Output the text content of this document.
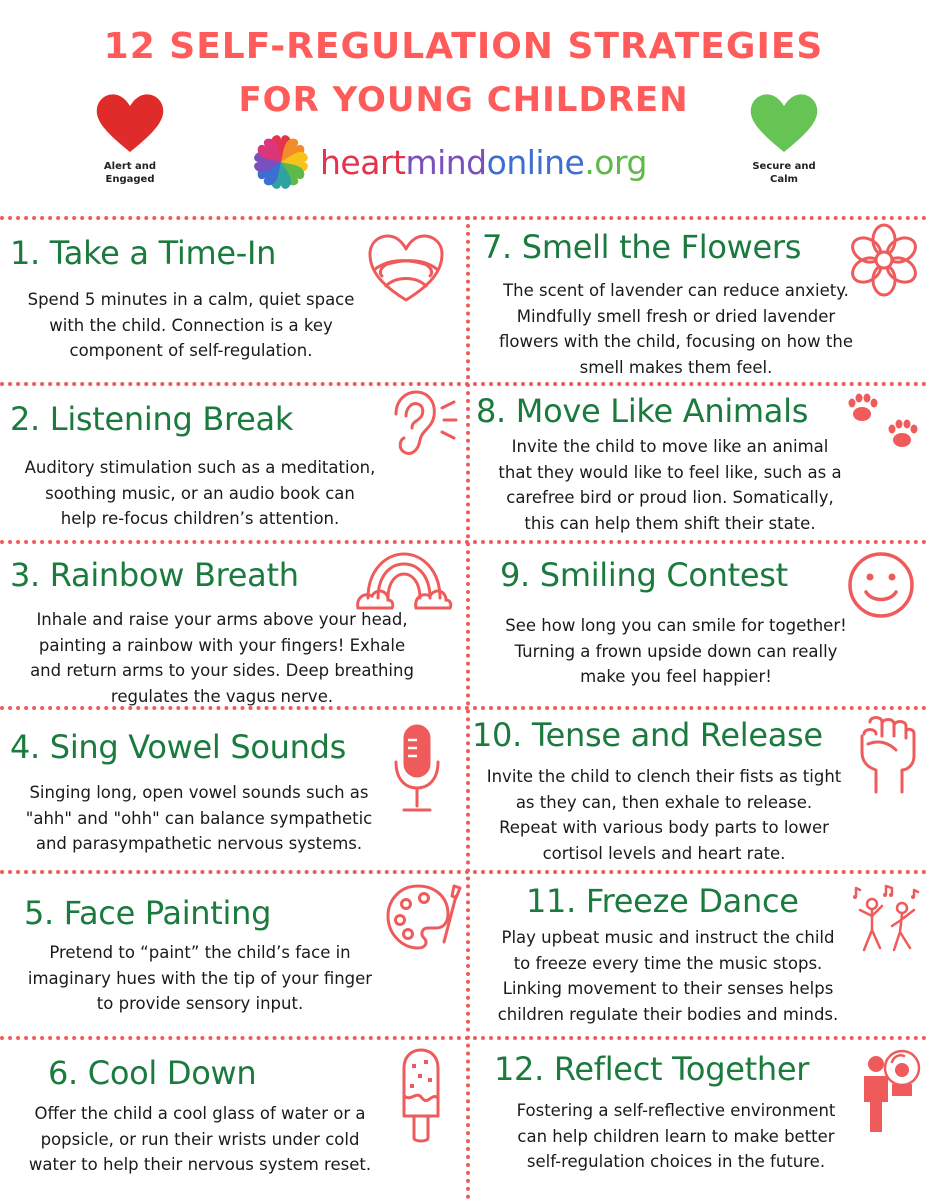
12 SELF-REGULATION STRATEGIES
FOR YOUNG CHILDREN
Alert and
Engaged
Secure and
Calm
heartmindonline.org
1. Take a Time-In

Spend 5 minutes in a calm, quiet space
with the child. Connection is a key
component of self-regulation.

2. Listening Break

Auditory stimulation such as a meditation,
soothing music, or an audio book can
help re-focus children’s attention.

3. Rainbow Breath

Inhale and raise your arms above your head,
painting a rainbow with your fingers! Exhale
and return arms to your sides. Deep breathing
regulates the vagus nerve.

4. Sing Vowel Sounds

Singing long, open vowel sounds such as
"ahh" and "ohh" can balance sympathetic
and parasympathetic nervous systems.

5. Face Painting

Pretend to “paint” the child’s face in
imaginary hues with the tip of your finger
to provide sensory input.

6. Cool Down

Offer the child a cool glass of water or a
popsicle, or run their wrists under cold
water to help their nervous system reset.

7. Smell the Flowers

The scent of lavender can reduce anxiety.
Mindfully smell fresh or dried lavender
flowers with the child, focusing on how the
smell makes them feel.

8. Move Like Animals

Invite the child to move like an animal
that they would like to feel like, such as a
carefree bird or proud lion. Somatically,
this can help them shift their state.

9. Smiling Contest

See how long you can smile for together!
Turning a frown upside down can really
make you feel happier!

10. Tense and Release

Invite the child to clench their fists as tight
as they can, then exhale to release.
Repeat with various body parts to lower
cortisol levels and heart rate.

11. Freeze Dance

Play upbeat music and instruct the child
to freeze every time the music stops.
Linking movement to their senses helps
children regulate their bodies and minds.

12. Reflect Together

Fostering a self-reflective environment
can help children learn to make better
self-regulation choices in the future.
